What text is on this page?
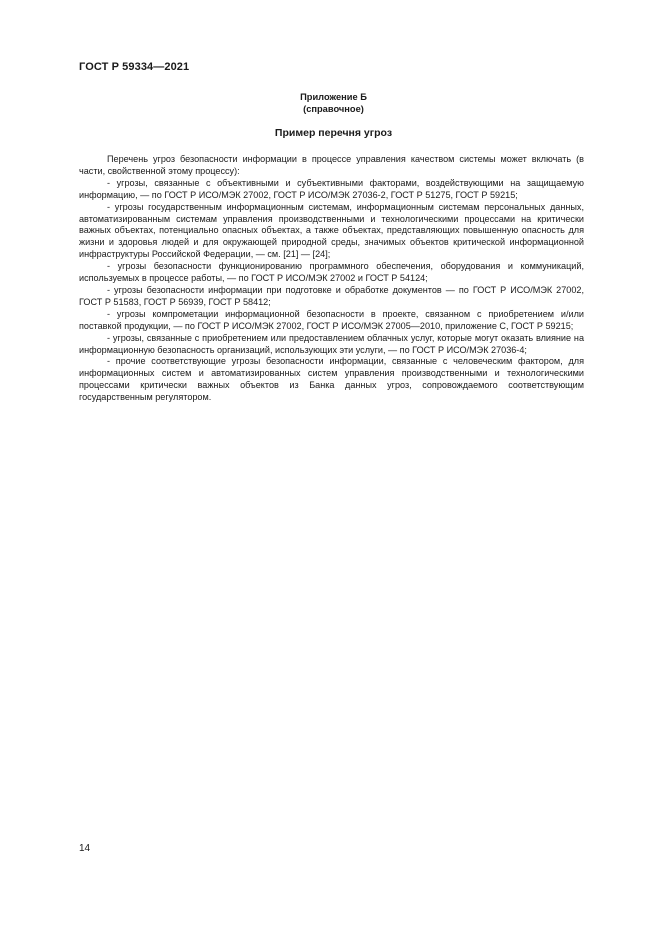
ГОСТ Р 59334—2021
Приложение Б
(справочное)
Пример перечня угроз

Перечень угроз безопасности информации в процессе управления качеством системы может включать (в части, свойственной этому процессу):

- угрозы, связанные с объективными и субъективными факторами, воздействующими на защищаемую информацию, — по ГОСТ Р ИСО/МЭК 27002, ГОСТ Р ИСО/МЭК 27036-2, ГОСТ Р 51275, ГОСТ Р 59215;

- угрозы государственным информационным системам, информационным системам персональных данных, автоматизированным системам управления производственными и технологическими процессами на критически важных объектах, потенциально опасных объектах, а также объектах, представляющих повышенную опасность для жизни и здоровья людей и для окружающей природной среды, значимых объектов критической информационной инфраструктуры Российской Федерации, — см. [21] — [24];

- угрозы безопасности функционированию программного обеспечения, оборудования и коммуникаций, используемых в процессе работы, — по ГОСТ Р ИСО/МЭК 27002 и ГОСТ Р 54124;

- угрозы безопасности информации при подготовке и обработке документов — по ГОСТ Р ИСО/МЭК 27002, ГОСТ Р 51583, ГОСТ Р 56939, ГОСТ Р 58412;

- угрозы компрометации информационной безопасности в проекте, связанном с приобретением и/или поставкой продукции, — по ГОСТ Р ИСО/МЭК 27002, ГОСТ Р ИСО/МЭК 27005—2010, приложение С, ГОСТ Р 59215;

- угрозы, связанные с приобретением или предоставлением облачных услуг, которые могут оказать влияние на информационную безопасность организаций, использующих эти услуги, — по ГОСТ Р ИСО/МЭК 27036-4;

- прочие соответствующие угрозы безопасности информации, связанные с человеческим фактором, для информационных систем и автоматизированных систем управления производственными и технологическими процессами критически важных объектов из Банка данных угроз, сопровождаемого соответствующим государственным регулятором.

14
